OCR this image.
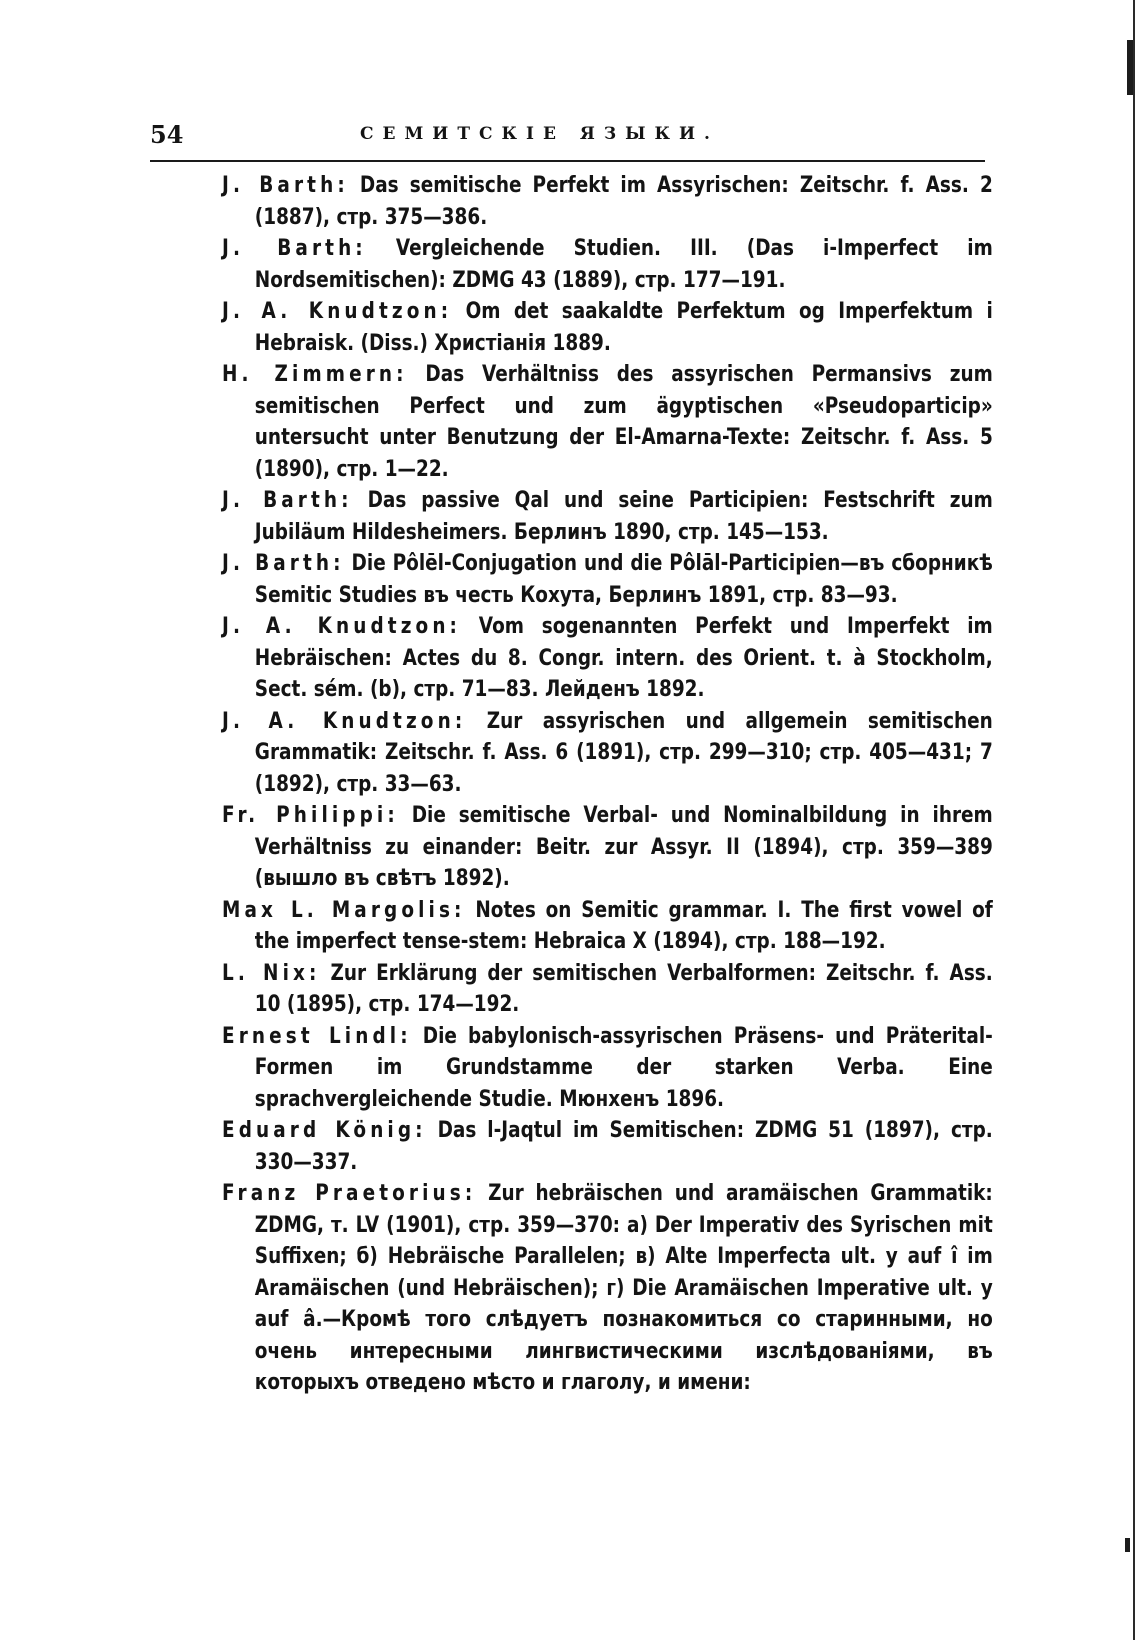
54	СЕМИТСКІЕ ЯЗЫКИ.

J. Barth: Das semitische Perfekt im Assyrischen: Zeitschr. f. Ass. 2 (1887), стр. 375—386.

J. Barth: Vergleichende Studien. III. (Das i-Imperfect im Nordsemitischen): ZDMG 43 (1889), стр. 177—191.

J. A. Knudtzon: Om det saakaldte Perfektum og Imperfektum i Hebraisk. (Diss.) Христіанія 1889.

H. Zimmern: Das Verhältniss des assyrischen Permansivs zum semitischen Perfect und zum ägyptischen «Pseudoparticip» untersucht unter Benutzung der El-Amarna-Texte: Zeitschr. f. Ass. 5 (1890), стр. 1—22.

J. Barth: Das passive Qal und seine Participien: Festschrift zum Jubiläum Hildesheimers. Берлинъ 1890, стр. 145—153.

J. Barth: Die Pôlēl-Conjugation und die Pôlāl-Participien—въ сборникѣ Semitic Studies въ честь Кохута, Берлинъ 1891, стр. 83—93.

J. A. Knudtzon: Vom sogenannten Perfekt und Imperfekt im Hebräischen: Actes du 8. Congr. intern. des Orient. t. à Stockholm, Sect. sém. (b), стр. 71—83. Лейденъ 1892.

J. A. Knudtzon: Zur assyrischen und allgemein semitischen Grammatik: Zeitschr. f. Ass. 6 (1891), стр. 299—310; стр. 405—431; 7 (1892), стр. 33—63.

Fr. Philippi: Die semitische Verbal- und Nominalbildung in ihrem Verhältniss zu einander: Beitr. zur Assyr. II (1894), стр. 359—389 (вышло въ свѣтъ 1892).

Max L. Margolis: Notes on Semitic grammar. I. The first vowel of the imperfect tense-stem: Hebraica X (1894), стр. 188—192.

L. Nix: Zur Erklärung der semitischen Verbalformen: Zeitschr. f. Ass. 10 (1895), стр. 174—192.

Ernest Lindl: Die babylonisch-assyrischen Präsens- und Präterital-Formen im Grundstamme der starken Verba. Eine sprachvergleichende Studie. Мюнхенъ 1896.

Eduard König: Das l-Jaqtul im Semitischen: ZDMG 51 (1897), стр. 330—337.

Franz Praetorius: Zur hebräischen und aramäischen Grammatik: ZDMG, т. LV (1901), стр. 359—370: а) Der Imperativ des Syrischen mit Suffixen; б) Hebräische Parallelen; в) Alte Imperfecta ult. y auf î im Aramäischen (und Hebräischen); г) Die Aramäischen Imperative ult. y auf â.—Кромѣ того слѣдуетъ познакомиться со старинными, но очень интересными лингвистическими изслѣдованіями, въ которыхъ отведено мѣсто и глаголу, и имени:
